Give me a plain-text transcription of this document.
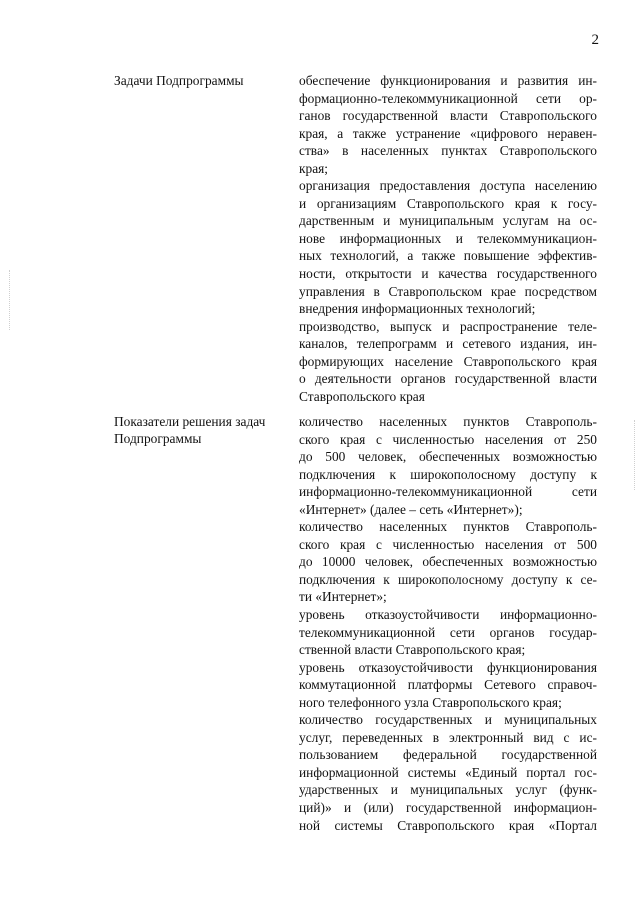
2
Задачи Подпрограммы	обеспечение функционирования и развития ин-
формационно-телекоммуникационной сети ор-
ганов государственной власти Ставропольского
края, а также устранение «цифрового неравен-
ства» в населенных пунктах Ставропольского
края;
организация предоставления доступа населению
и организациям Ставропольского края к госу-
дарственным и муниципальным услугам на ос-
нове информационных и телекоммуникацион-
ных технологий, а также повышение эффектив-
ности, открытости и качества государственного
управления в Ставропольском крае посредством
внедрения информационных технологий;
производство, выпуск и распространение теле-
каналов, телепрограмм и сетевого издания, ин-
формирующих население Ставропольского края
о деятельности органов государственной власти
Ставропольского края
Показатели решения задач
Подпрограммы
количество населенных пунктов Ставрополь-
ского края с численностью населения от 250
до 500 человек, обеспеченных возможностью
подключения к широкополосному доступу к
информационно-телекоммуникационной сети
«Интернет» (далее – сеть «Интернет»);
количество населенных пунктов Ставрополь-
ского края с численностью населения от 500
до 10000 человек, обеспеченных возможностью
подключения к широкополосному доступу к се-
ти «Интернет»;
уровень отказоустойчивости информационно-
телекоммуникационной сети органов государ-
ственной власти Ставропольского края;
уровень отказоустойчивости функционирования
коммутационной платформы Сетевого справоч-
ного телефонного узла Ставропольского края;
количество государственных и муниципальных
услуг, переведенных в электронный вид с ис-
пользованием федеральной государственной
информационной системы «Единый портал гос-
ударственных и муниципальных услуг (функ-
ций)» и (или) государственной информацион-
ной системы Ставропольского края «Портал
